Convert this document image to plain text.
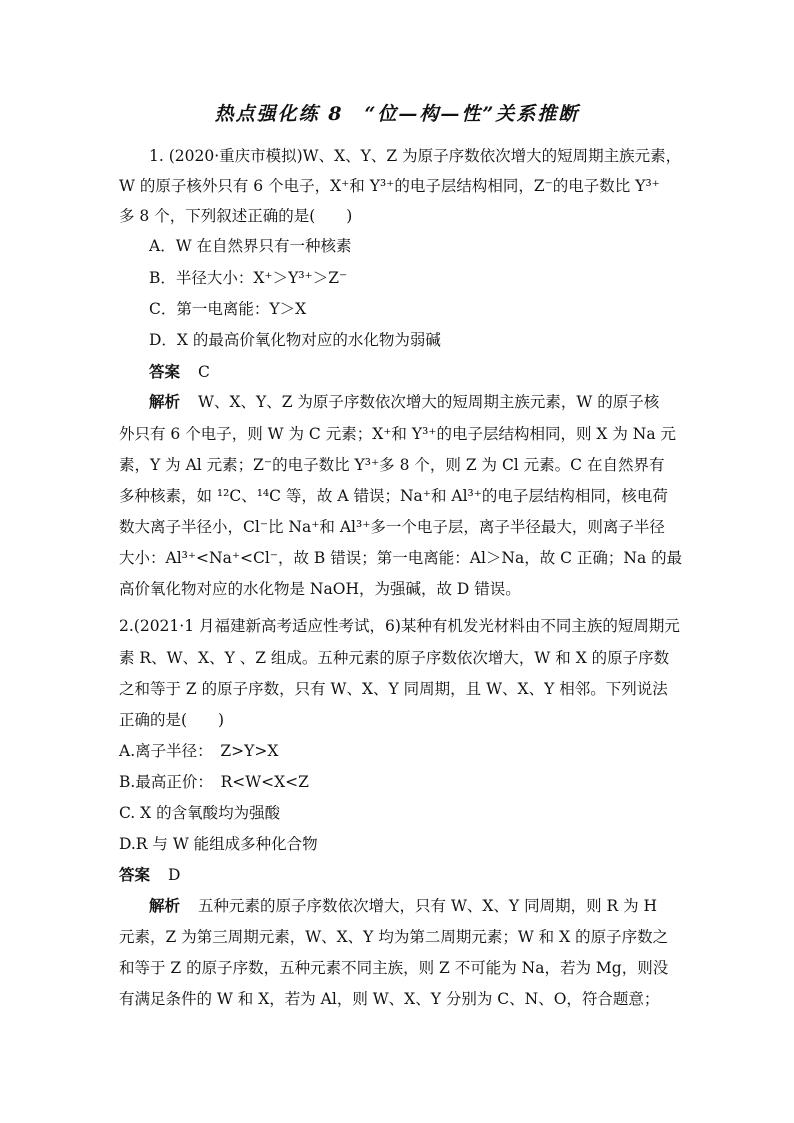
热点强化练 8　“位—构—性”关系推断
1. (2020·重庆市模拟)W、X、Y、Z 为原子序数依次增大的短周期主族元素，
W 的原子核外只有 6 个电子，X⁺和 Y³⁺的电子层结构相同，Z⁻的电子数比 Y³⁺
多 8 个，下列叙述正确的是(　　)
A．W 在自然界只有一种核素
B．半径大小：X⁺＞Y³⁺＞Z⁻
C．第一电离能：Y＞X
D．X 的最高价氧化物对应的水化物为弱碱
答案 C
解析 W、X、Y、Z 为原子序数依次增大的短周期主族元素，W 的原子核
外只有 6 个电子，则 W 为 C 元素；X⁺和 Y³⁺的电子层结构相同，则 X 为 Na 元
素，Y 为 Al 元素；Z⁻的电子数比 Y³⁺多 8 个，则 Z 为 Cl 元素。C 在自然界有
多种核素，如 ¹²C、¹⁴C 等，故 A 错误；Na⁺和 Al³⁺的电子层结构相同，核电荷
数大离子半径小，Cl⁻比 Na⁺和 Al³⁺多一个电子层，离子半径最大，则离子半径
大小：Al³⁺<Na⁺<Cl⁻，故 B 错误；第一电离能：Al＞Na，故 C 正确；Na 的最
高价氧化物对应的水化物是 NaOH，为强碱，故 D 错误。
2.(2021·1 月福建新高考适应性考试，6)某种有机发光材料由不同主族的短周期元
素 R、W、X、Y 、Z 组成。五种元素的原子序数依次增大，W 和 X 的原子序数
之和等于 Z 的原子序数，只有 W、X、Y 同周期，且 W、X、Y 相邻。下列说法
正确的是(　　)
A.离子半径：　Z>Y>X
B.最高正价：　R<W<X<Z
C. X 的含氧酸均为强酸
D.R 与 W 能组成多种化合物
答案 D
解析 五种元素的原子序数依次增大，只有 W、X、Y 同周期，则 R 为 H
元素，Z 为第三周期元素，W、X、Y 均为第二周期元素；W 和 X 的原子序数之
和等于 Z 的原子序数，五种元素不同主族，则 Z 不可能为 Na，若为 Mg，则没
有满足条件的 W 和 X，若为 Al，则 W、X、Y 分别为 C、N、O，符合题意；
